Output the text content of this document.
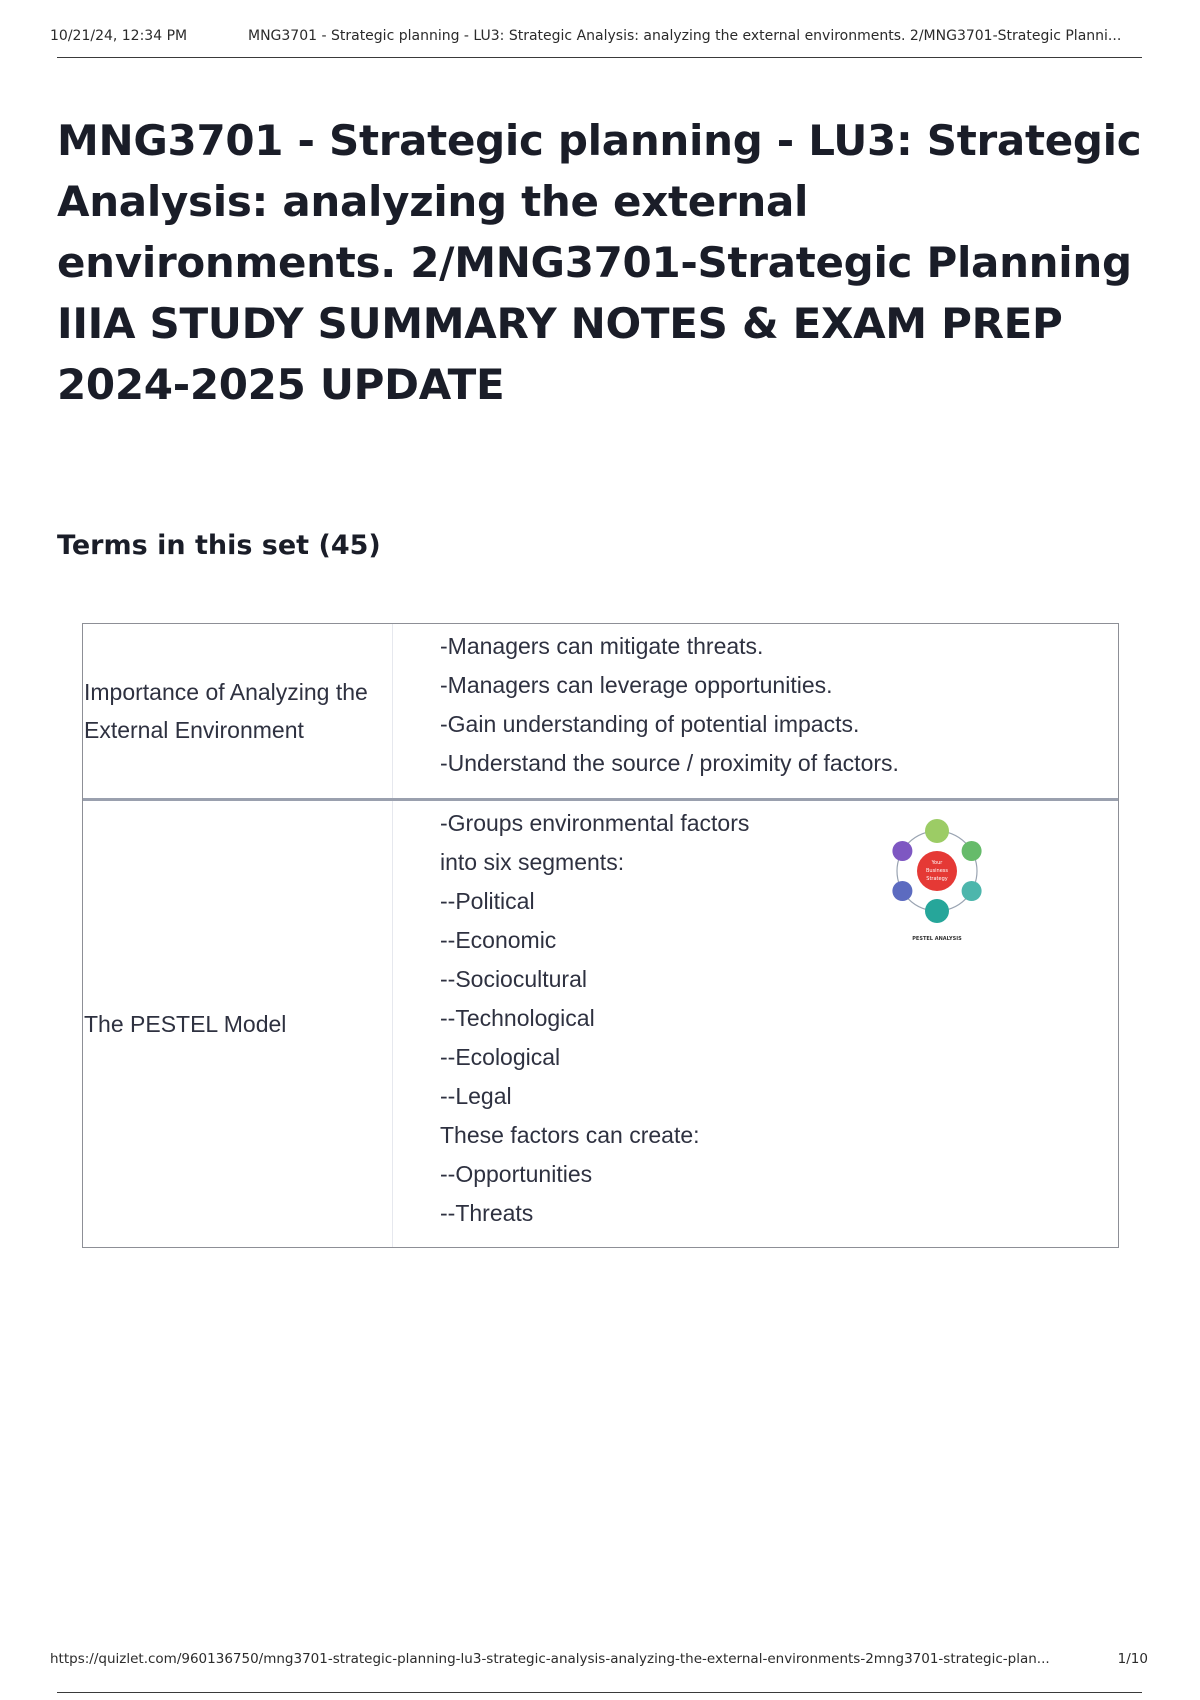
10/21/24, 12:34 PM	MNG3701 - Strategic planning - LU3: Strategic Analysis: analyzing the external environments. 2/MNG3701-Strategic Planni...
MNG3701 - Strategic planning - LU3: Strategic Analysis: analyzing the external environments. 2/MNG3701-Strategic Planning IIIA STUDY SUMMARY NOTES & EXAM PREP 2024-2025 UPDATE
Terms in this set (45)
Importance of Analyzing the External Environment
-Managers can mitigate threats.
-Managers can leverage opportunities.
-Gain understanding of potential impacts.
-Understand the source / proximity of factors.
The PESTEL Model
-Groups environmental factors
into six segments:
--Political
--Economic
--Sociocultural
--Technological
--Ecological
--Legal
These factors can create:
--Opportunities
--Threats
Your
Business
Strategy
PESTEL ANALYSIS
https://quizlet.com/960136750/mng3701-strategic-planning-lu3-strategic-analysis-analyzing-the-external-environments-2mng3701-strategic-plan...	1/10
